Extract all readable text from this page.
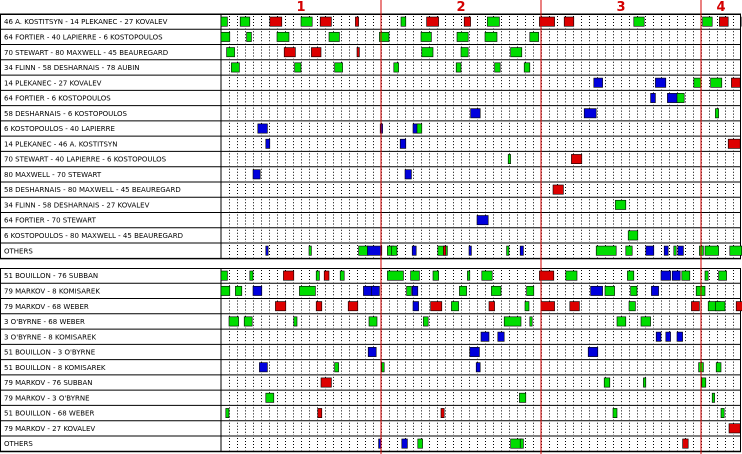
46 A. KOSTITSYN - 14 PLEKANEC - 27 KOVALEV
64 FORTIER - 40 LAPIERRE - 6 KOSTOPOULOS
70 STEWART - 80 MAXWELL - 45 BEAUREGARD
34 FLINN - 58 DESHARNAIS - 78 AUBIN
14 PLEKANEC - 27 KOVALEV
64 FORTIER - 6 KOSTOPOULOS
58 DESHARNAIS - 6 KOSTOPOULOS
6 KOSTOPOULOS - 40 LAPIERRE
14 PLEKANEC - 46 A. KOSTITSYN
70 STEWART - 40 LAPIERRE - 6 KOSTOPOULOS
80 MAXWELL - 70 STEWART
58 DESHARNAIS - 80 MAXWELL - 45 BEAUREGARD
34 FLINN - 58 DESHARNAIS - 27 KOVALEV
64 FORTIER - 70 STEWART
6 KOSTOPOULOS - 80 MAXWELL - 45 BEAUREGARD
OTHERS
51 BOUILLON - 76 SUBBAN
79 MARKOV - 8 KOMISAREK
79 MARKOV - 68 WEBER
3 O'BYRNE - 68 WEBER
3 O'BYRNE - 8 KOMISAREK
51 BOUILLON - 3 O'BYRNE
51 BOUILLON - 8 KOMISAREK
79 MARKOV - 76 SUBBAN
79 MARKOV - 3 O'BYRNE
51 BOUILLON - 68 WEBER
79 MARKOV - 27 KOVALEV
OTHERS
1	2	3	4
